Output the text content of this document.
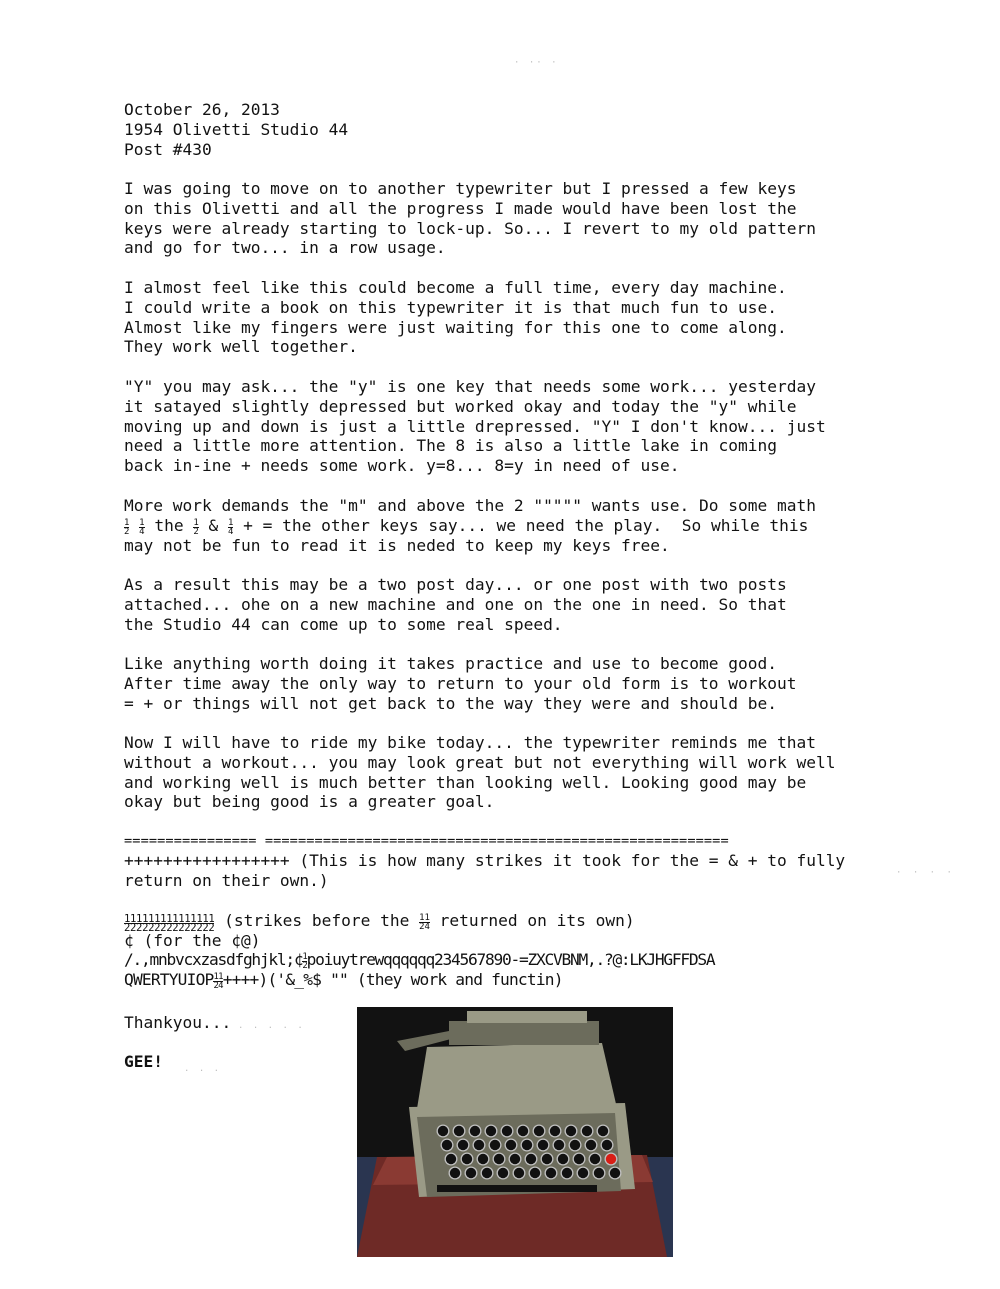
· ·· ·
October 26, 2013
1954 Olivetti Studio 44
Post #430
I was going to move on to another typewriter but I pressed a few keys
on this Olivetti and all the progress I made would have been lost the
keys were already starting to lock-up. So... I revert to my old pattern
and go for two... in a row usage.
I almost feel like this could become a full time, every day machine.
I could write a book on this typewriter it is that much fun to use.
Almost like my fingers were just waiting for this one to come along.
They work well together.
"Y" you may ask... the "y" is one key that needs some work... yesterday
it satayed slightly depressed but worked okay and today the "y" while
moving up and down is just a little drepressed. "Y" I don't know... just
need a little more attention. The 8 is also a little lake in coming
back in-ine + needs some work. y=8... 8=y in need of use.
More work demands the "m" and above the 2 """"" wants use. Do some math

$\frac{1}{2}$
$\frac{1}{4}$ the $\frac{1}{2}$ & $\frac{1}{4}$ + = the other keys say... we need the play.  So while this
may not be fun to read it is neded to keep my keys free.
As a result this may be a two post day... or one post with two posts
attached... ohe on a new machine and one on the one in need. So that
the Studio 44 can come up to some real speed.
Like anything worth doing it takes practice and use to become good.
After time away the only way to return to your old form is to workout
= + or things will not get back to the way they were and should be.
Now I will have to ride my bike today... the typewriter reminds me that
without a workout... you may look great but not everything will work well
and working well is much better than looking well. Looking good may be
okay but being good is a greater goal.
================ ========================================================
+++++++++++++++++ (This is how many strikes it took for the = & + to fully
return on their own.)	· · · ·
$\frac{111111111111111}{222222222222222}$ (strikes before the $\frac{11}{24}$ returned on its own)
¢ (for the ¢@)
/.,mnbvcxzasdfghjkl;¢ $\frac{1}{2}$ poiuytrewqqqqqq234567890-=ZXCVBNM,.?@:LKJHGFFDSA
QWERTYUIOP $\frac{1}{2} \frac{1}{4}$ ++++)('&_%$ "" (they work and functin)
Thankyou... . . . . .
GEE! . . .
